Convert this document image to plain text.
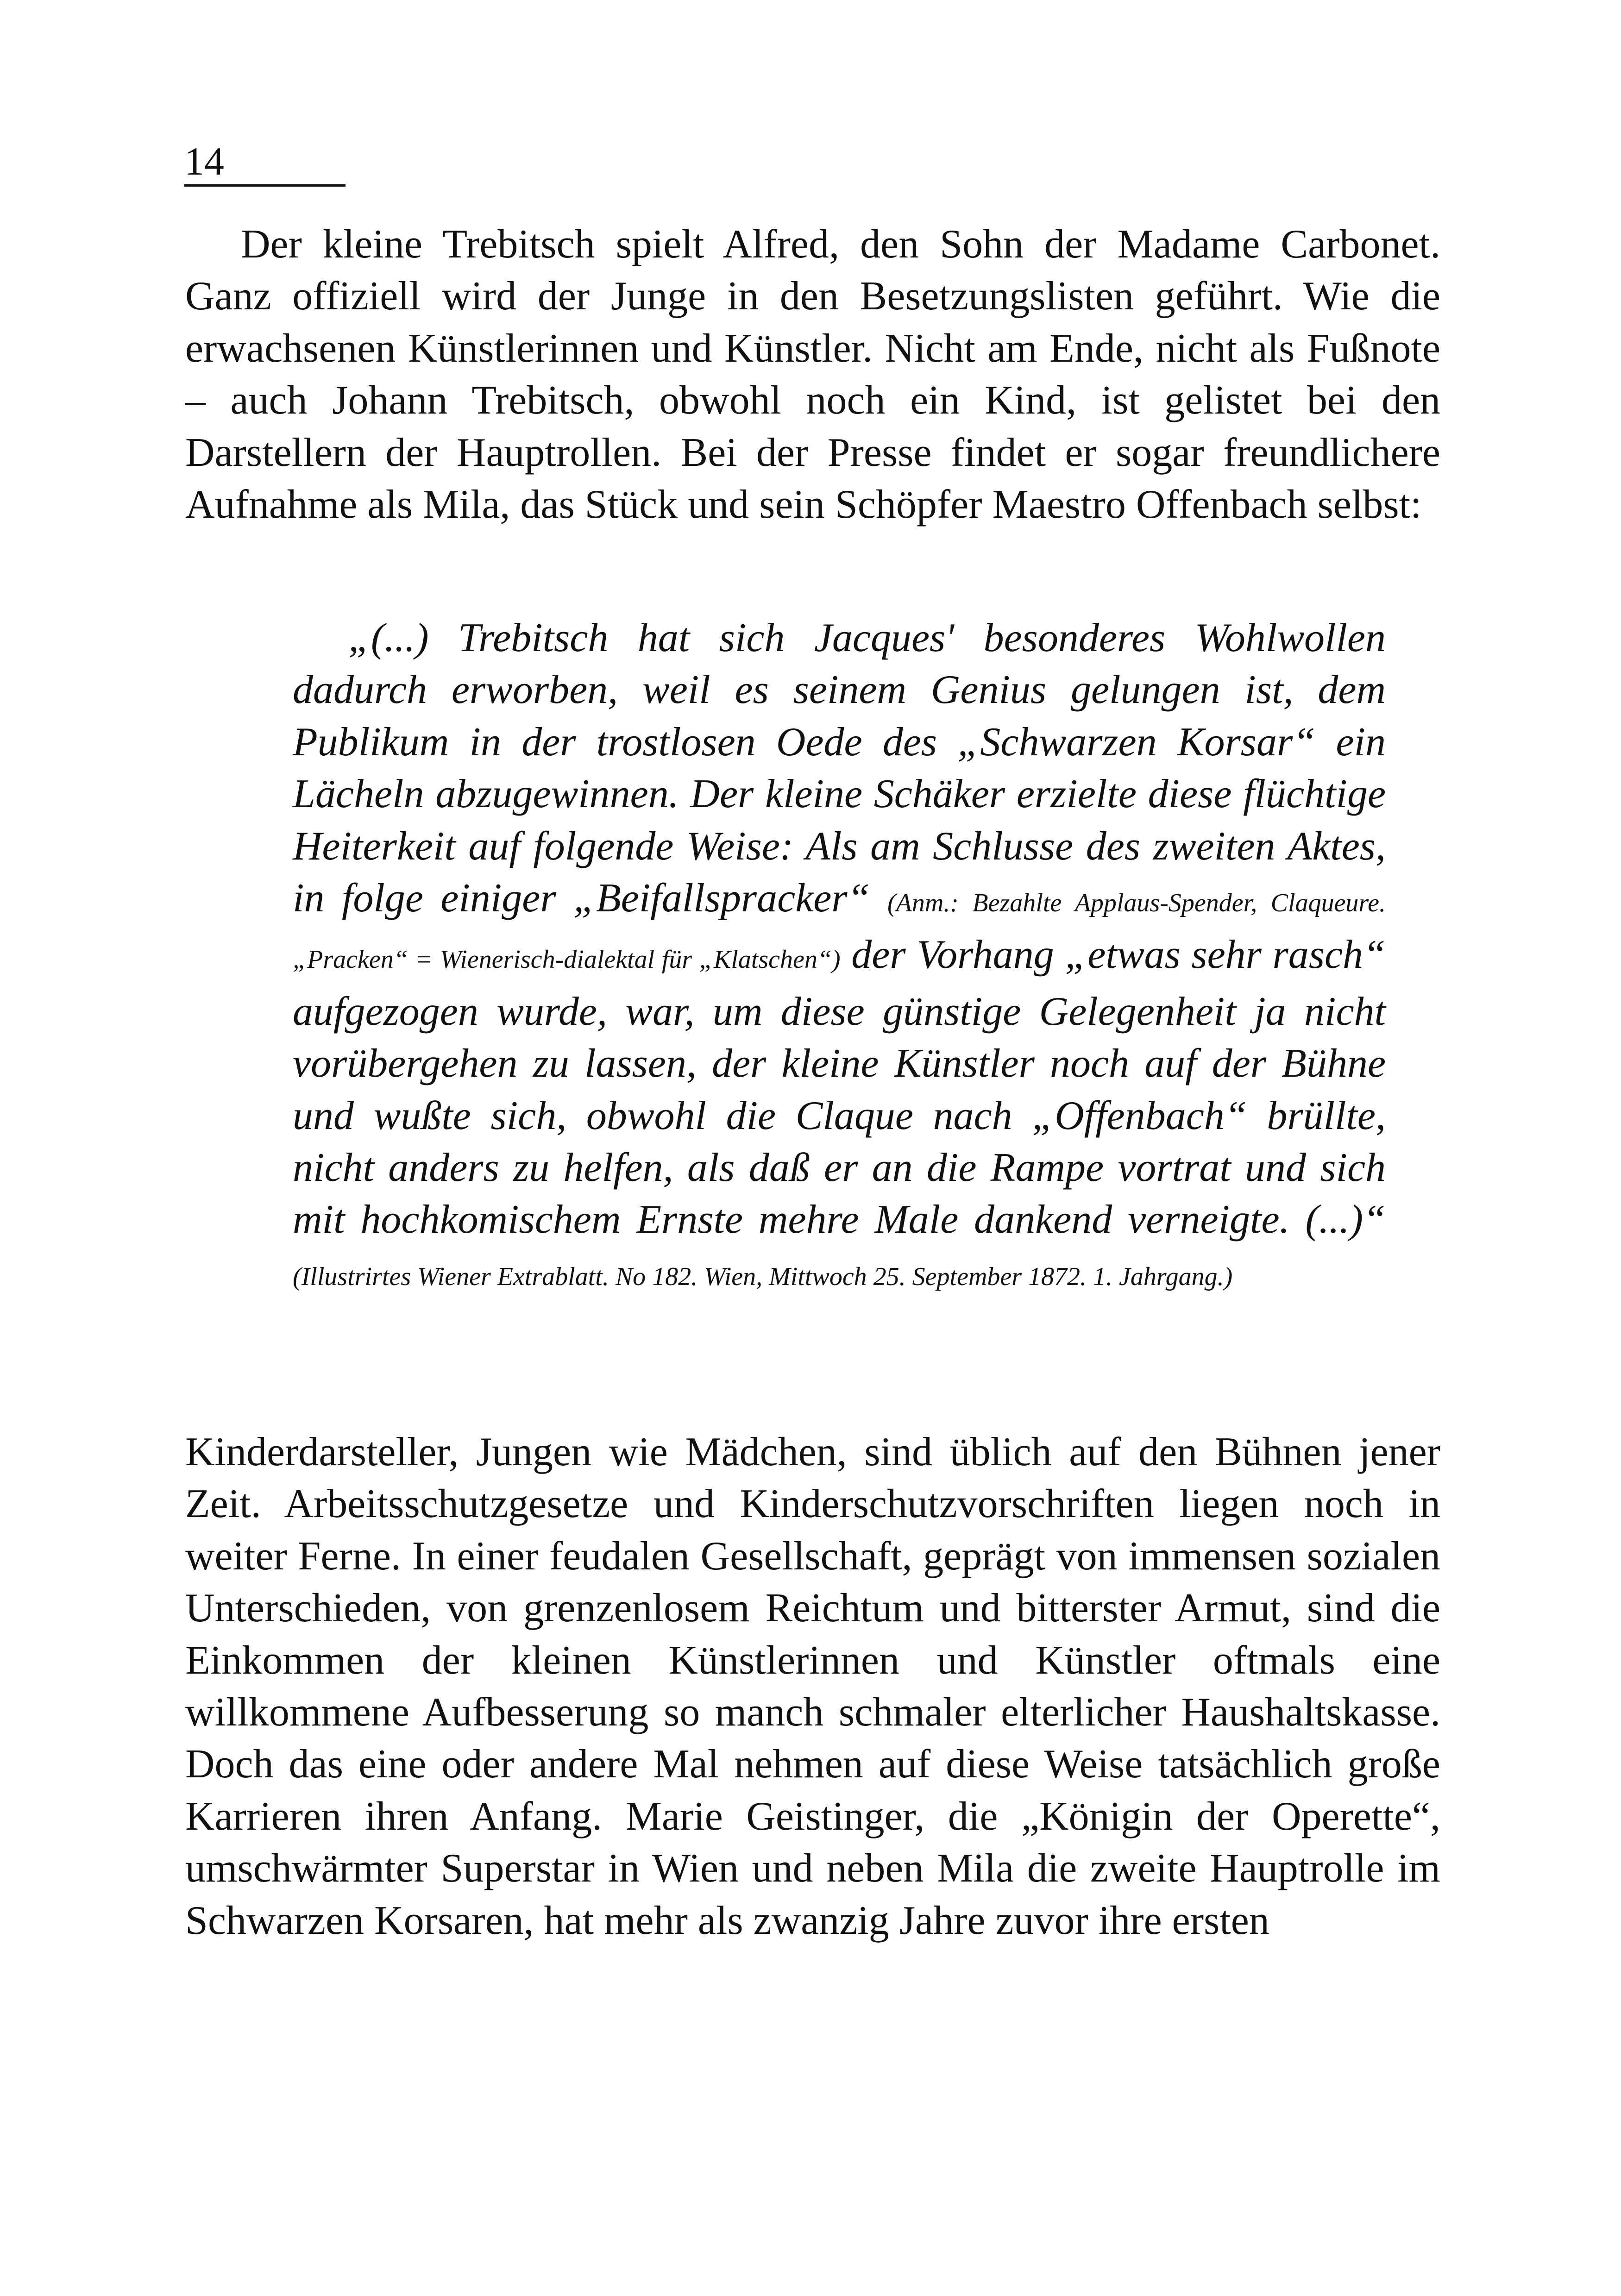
14

Der kleine Trebitsch spielt Alfred, den Sohn der Madame Carbonet. Ganz offiziell wird der Junge in den Besetzungslisten geführt. Wie die erwachsenen Künstlerinnen und Künstler. Nicht am Ende, nicht als Fußnote – auch Johann Trebitsch, obwohl noch ein Kind, ist gelistet bei den Darstellern der Hauptrollen. Bei der Presse findet er sogar freundlichere Aufnahme als Mila, das Stück und sein Schöpfer Maestro Offenbach selbst:

„(...) Trebitsch hat sich Jacques' besonderes Wohlwollen dadurch erworben, weil es seinem Genius gelungen ist, dem Publikum in der trostlosen Oede des „Schwarzen Korsar“ ein Lächeln abzugewinnen. Der kleine Schäker erzielte diese flüchtige Heiterkeit auf folgende Weise: Als am Schlusse des zweiten Aktes, in folge einiger „Beifallspracker“ (Anm.: Bezahlte Applaus-Spender, Claqueure. „Pracken“ = Wienerisch-dialektal für „Klatschen“) der Vorhang „etwas sehr rasch“ aufgezogen wurde, war, um diese günstige Gelegenheit ja nicht vorübergehen zu lassen, der kleine Künstler noch auf der Bühne und wußte sich, obwohl die Claque nach „Offenbach“ brüllte, nicht anders zu helfen, als daß er an die Rampe vortrat und sich mit hochkomischem Ernste mehre Male dankend verneigte. (...)“ (Illustrirtes Wiener Extrablatt. No 182. Wien, Mittwoch 25. September 1872. 1. Jahrgang.)

Kinderdarsteller, Jungen wie Mädchen, sind üblich auf den Bühnen jener Zeit. Arbeitsschutzgesetze und Kinderschutzvorschriften liegen noch in weiter Ferne. In einer feudalen Gesellschaft, geprägt von immensen sozialen Unterschieden, von grenzenlosem Reichtum und bitterster Armut, sind die Einkommen der kleinen Künstlerinnen und Künstler oftmals eine willkommene Aufbesserung so manch schmaler elterlicher Haushaltskasse. Doch das eine oder andere Mal nehmen auf diese Weise tatsächlich große Karrieren ihren Anfang. Marie Geistinger, die „Königin der Operette“, umschwärmter Superstar in Wien und neben Mila die zweite Hauptrolle im Schwarzen Korsaren, hat mehr als zwanzig Jahre zuvor ihre ersten
